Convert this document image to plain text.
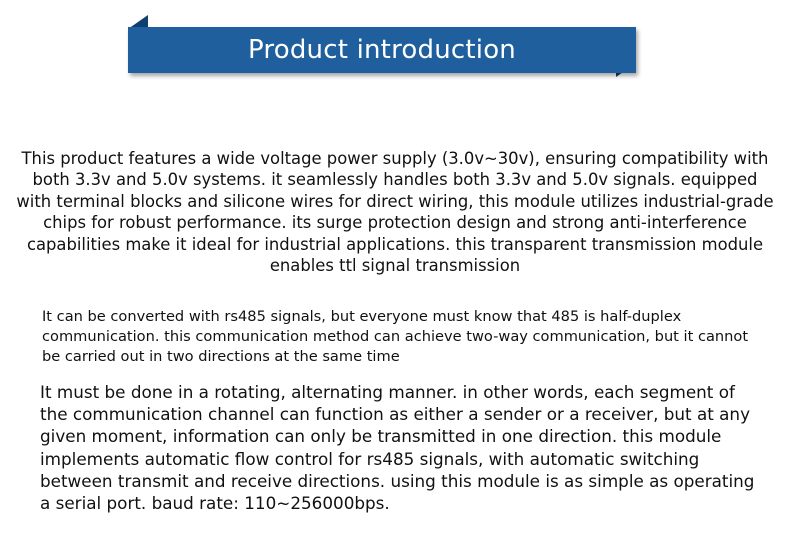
Product introduction

This product features a wide voltage power supply (3.0v~30v), ensuring compatibility with both 3.3v and 5.0v systems. it seamlessly handles both 3.3v and 5.0v signals. equipped with terminal blocks and silicone wires for direct wiring, this module utilizes industrial-grade chips for robust performance. its surge protection design and strong anti-interference capabilities make it ideal for industrial applications. this transparent transmission module enables ttl signal transmission

It can be converted with rs485 signals, but everyone must know that 485 is half-duplex communication. this communication method can achieve two-way communication, but it cannot be carried out in two directions at the same time

It must be done in a rotating, alternating manner. in other words, each segment of the communication channel can function as either a sender or a receiver, but at any given moment, information can only be transmitted in one direction. this module implements automatic flow control for rs485 signals, with automatic switching between transmit and receive directions. using this module is as simple as operating a serial port. baud rate: 110~256000bps.
